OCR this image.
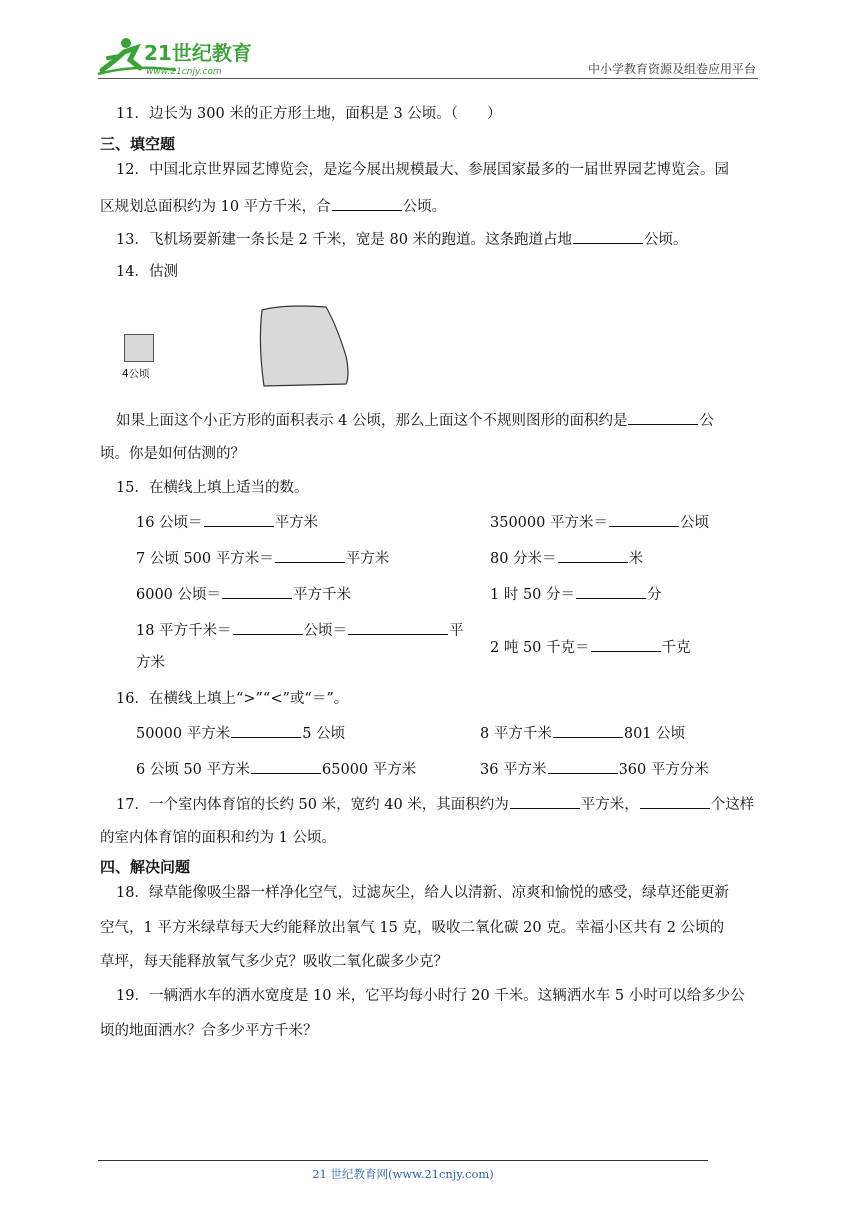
21世纪教育
www.21cnjy.com	中小学教育资源及组卷应用平台
11．边长为 300 米的正方形土地，面积是 3 公顷。（　　）
三、填空题
12．中国北京世界园艺博览会，是迄今展出规模最大、参展国家最多的一届世界园艺博览会。园
区规划总面积约为 10 平方千米，合	公顷。
13．飞机场要新建一条长是 2 千米，宽是 80 米的跑道。这条跑道占地	公顷。
14．估测
4公顷
如果上面这个小正方形的面积表示 4 公顷，那么上面这个不规则图形的面积约是	公
顷。你是如何估测的？
15．在横线上填上适当的数。
16 公顷＝	平方米	350000 平方米＝	公顷
7 公顷 500 平方米＝	平方米	80 分米＝	米
6000 公顷＝	平方千米	1 时 50 分＝	分
18 平方千米＝	公顷＝	平
方米
2 吨 50 千克＝	千克
16．在横线上填上“>”“<”或“＝”。
50000 平方米	5 公顷	8 平方千米	801 公顷
6 公顷 50 平方米	65000 平方米	36 平方米	360 平方分米
17．一个室内体育馆的长约 50 米，宽约 40 米，其面积约为	平方米，	个这样
的室内体育馆的面积和约为 1 公顷。
四、解决问题
18．绿草能像吸尘器一样净化空气，过滤灰尘，给人以清新、凉爽和愉悦的感受，绿草还能更新
空气，1 平方米绿草每天大约能释放出氧气 15 克，吸收二氧化碳 20 克。幸福小区共有 2 公顷的
草坪，每天能释放氧气多少克？吸收二氧化碳多少克？
19．一辆洒水车的洒水宽度是 10 米，它平均每小时行 20 千米。这辆洒水车 5 小时可以给多少公
顷的地面洒水？合多少平方千米？
21 世纪教育网(www.21cnjy.com)
